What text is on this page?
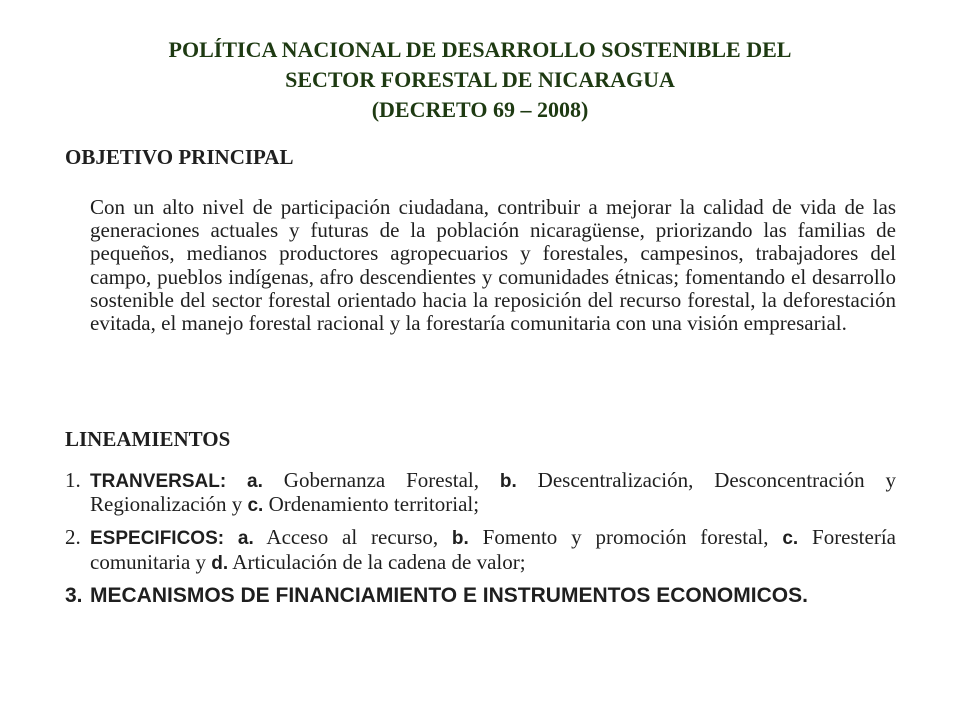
POLÍTICA NACIONAL DE DESARROLLO SOSTENIBLE DEL
SECTOR FORESTAL DE NICARAGUA
(DECRETO 69 – 2008)
OBJETIVO PRINCIPAL
Con un alto nivel de participación ciudadana, contribuir a mejorar la calidad de vida de las generaciones actuales y futuras de la población nicaragüense, priorizando las familias de pequeños, medianos productores agropecuarios y forestales, campesinos, trabajadores del campo, pueblos indígenas, afro descendientes y comunidades étnicas; fomentando el desarrollo sostenible del sector forestal orientado hacia la reposición del recurso forestal, la deforestación evitada, el manejo forestal racional y la forestaría comunitaria con una visión empresarial.
LINEAMIENTOS
1. TRANVERSAL: a. Gobernanza Forestal, b. Descentralización, Desconcentración y Regionalización y c. Ordenamiento territorial;
2. ESPECIFICOS: a. Acceso al recurso, b. Fomento y promoción forestal, c. Forestería comunitaria y d. Articulación de la cadena de valor;
3. MECANISMOS DE FINANCIAMIENTO E INSTRUMENTOS ECONOMICOS.
